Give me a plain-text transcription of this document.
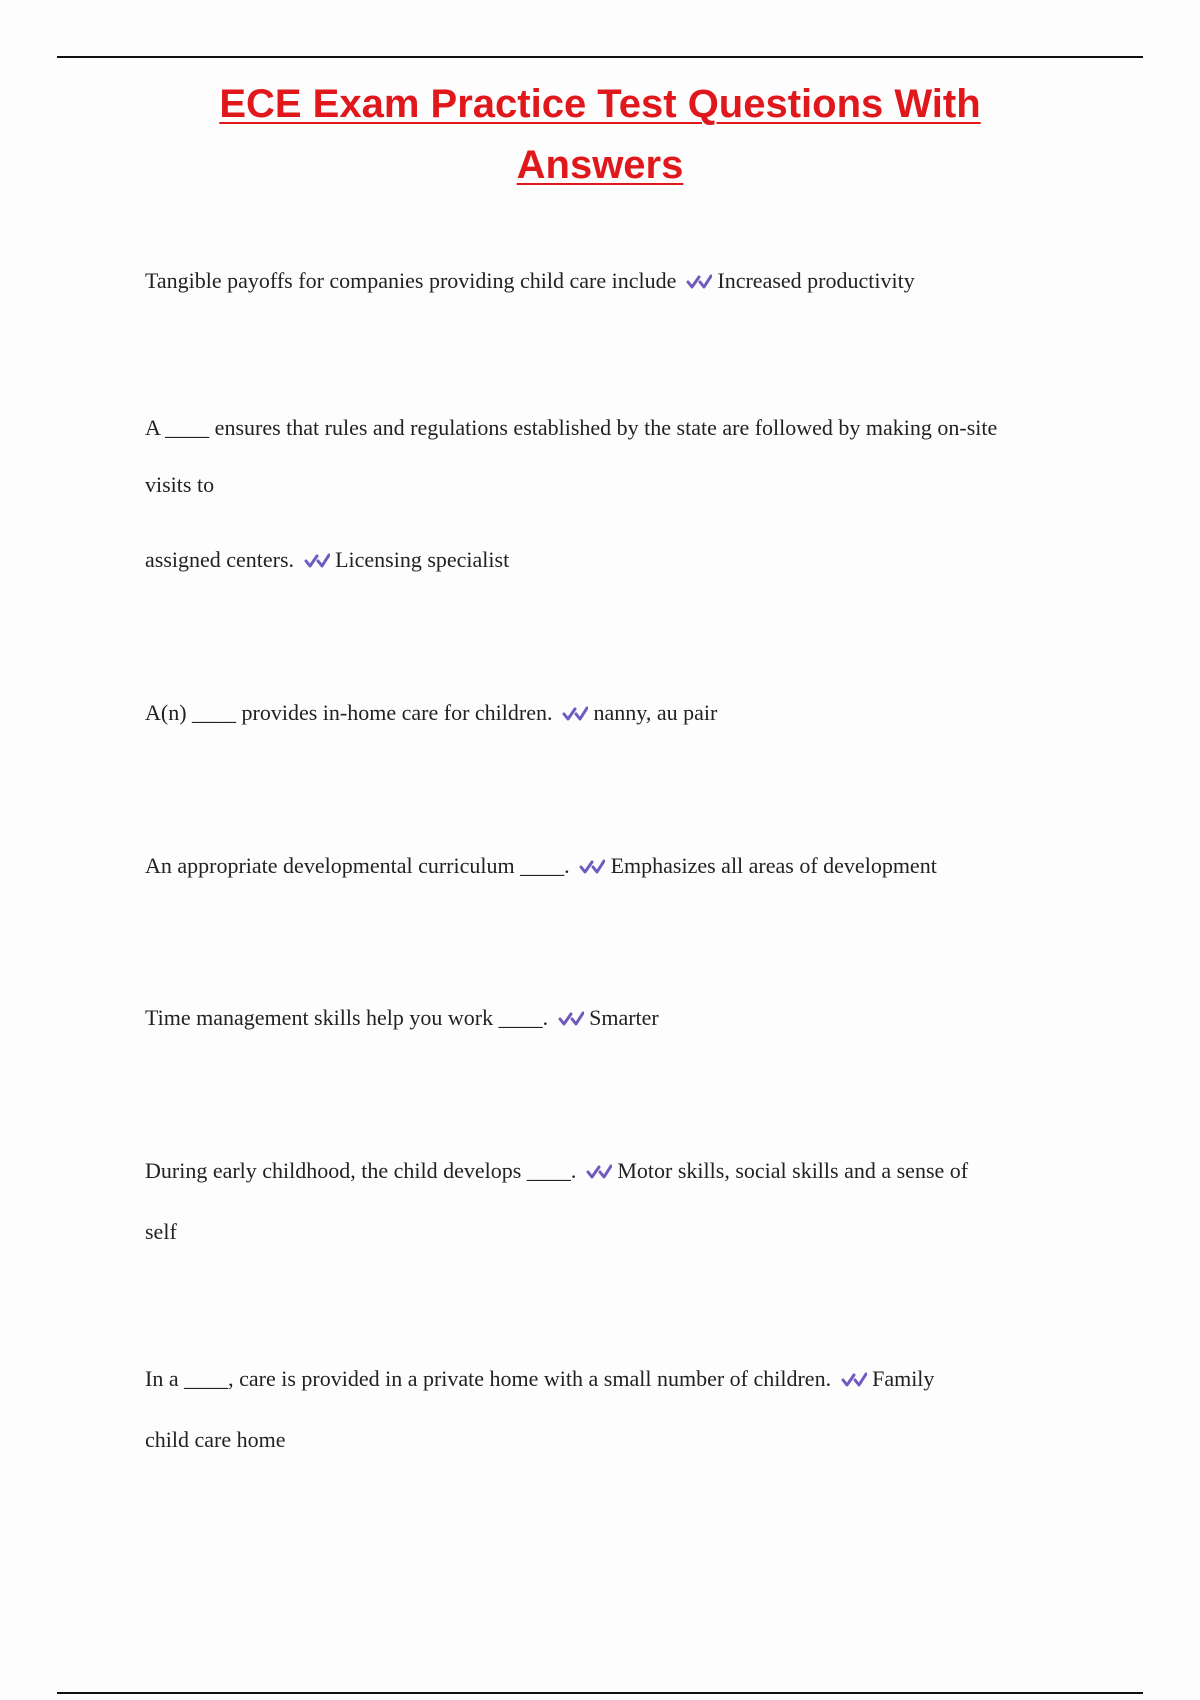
ECE Exam Practice Test Questions With
Answers

Tangible payoffs for companies providing child care include Increased productivity

A ____ ensures that rules and regulations established by the state are followed by making on-site

visits to

assigned centers. Licensing specialist

A(n) ____ provides in-home care for children. nanny, au pair

An appropriate developmental curriculum ____. Emphasizes all areas of development

Time management skills help you work ____. Smarter

During early childhood, the child develops ____. Motor skills, social skills and a sense of

self

In a ____, care is provided in a private home with a small number of children. Family

child care home
